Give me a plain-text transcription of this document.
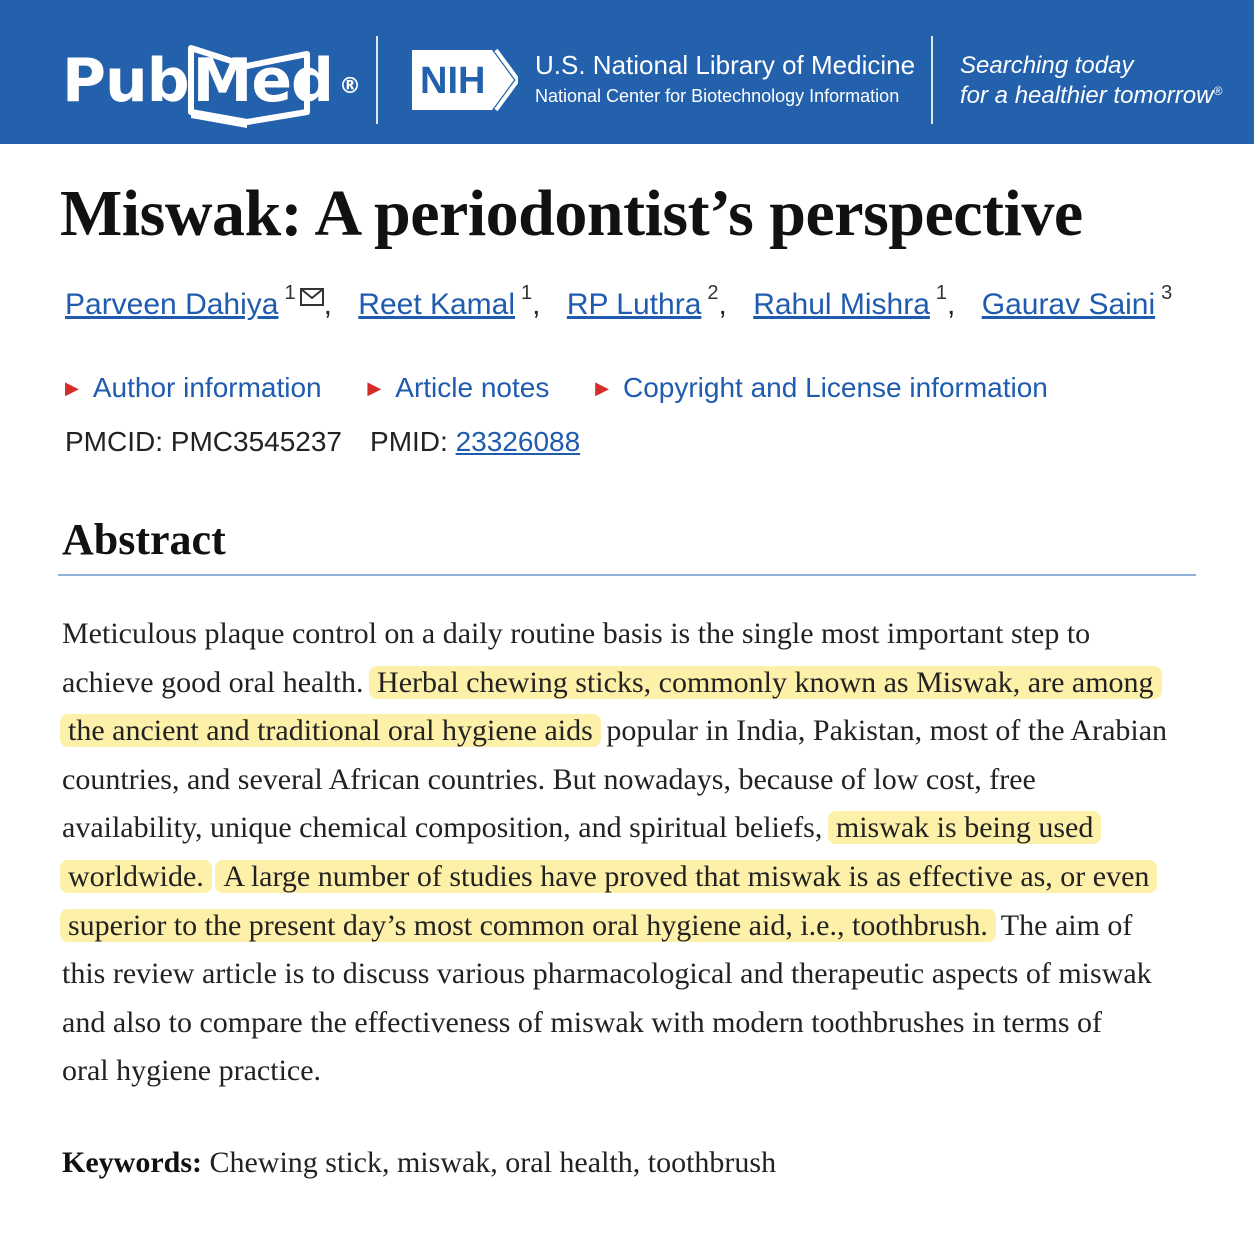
Pub
Med ® NIH U.S. National Library of Medicine
National Center for Biotechnology Information
Searching today
for a healthier tomorrow®
Miswak: A periodontist’s perspective
Parveen Dahiya $^1$ , Reet Kamal $^1$, RP Luthra $^2$, Rahul Mishra $^1$, Gaurav Saini $^3$
▶ Author information	▶ Article notes	▶ Copyright and License information
PMCID: PMC3545237 PMID: 23326088
Abstract
Meticulous plaque control on a daily routine basis is the single most important step to
achieve good oral health. Herbal chewing sticks, commonly known as Miswak, are among
the ancient and traditional oral hygiene aids popular in India, Pakistan, most of the Arabian
countries, and several African countries. But nowadays, because of low cost, free
availability, unique chemical composition, and spiritual beliefs, miswak is being used
worldwide. A large number of studies have proved that miswak is as effective as, or even
superior to the present day’s most common oral hygiene aid, i.e., toothbrush. The aim of
this review article is to discuss various pharmacological and therapeutic aspects of miswak
and also to compare the effectiveness of miswak with modern toothbrushes in terms of
oral hygiene practice.
Keywords: Chewing stick, miswak, oral health, toothbrush
